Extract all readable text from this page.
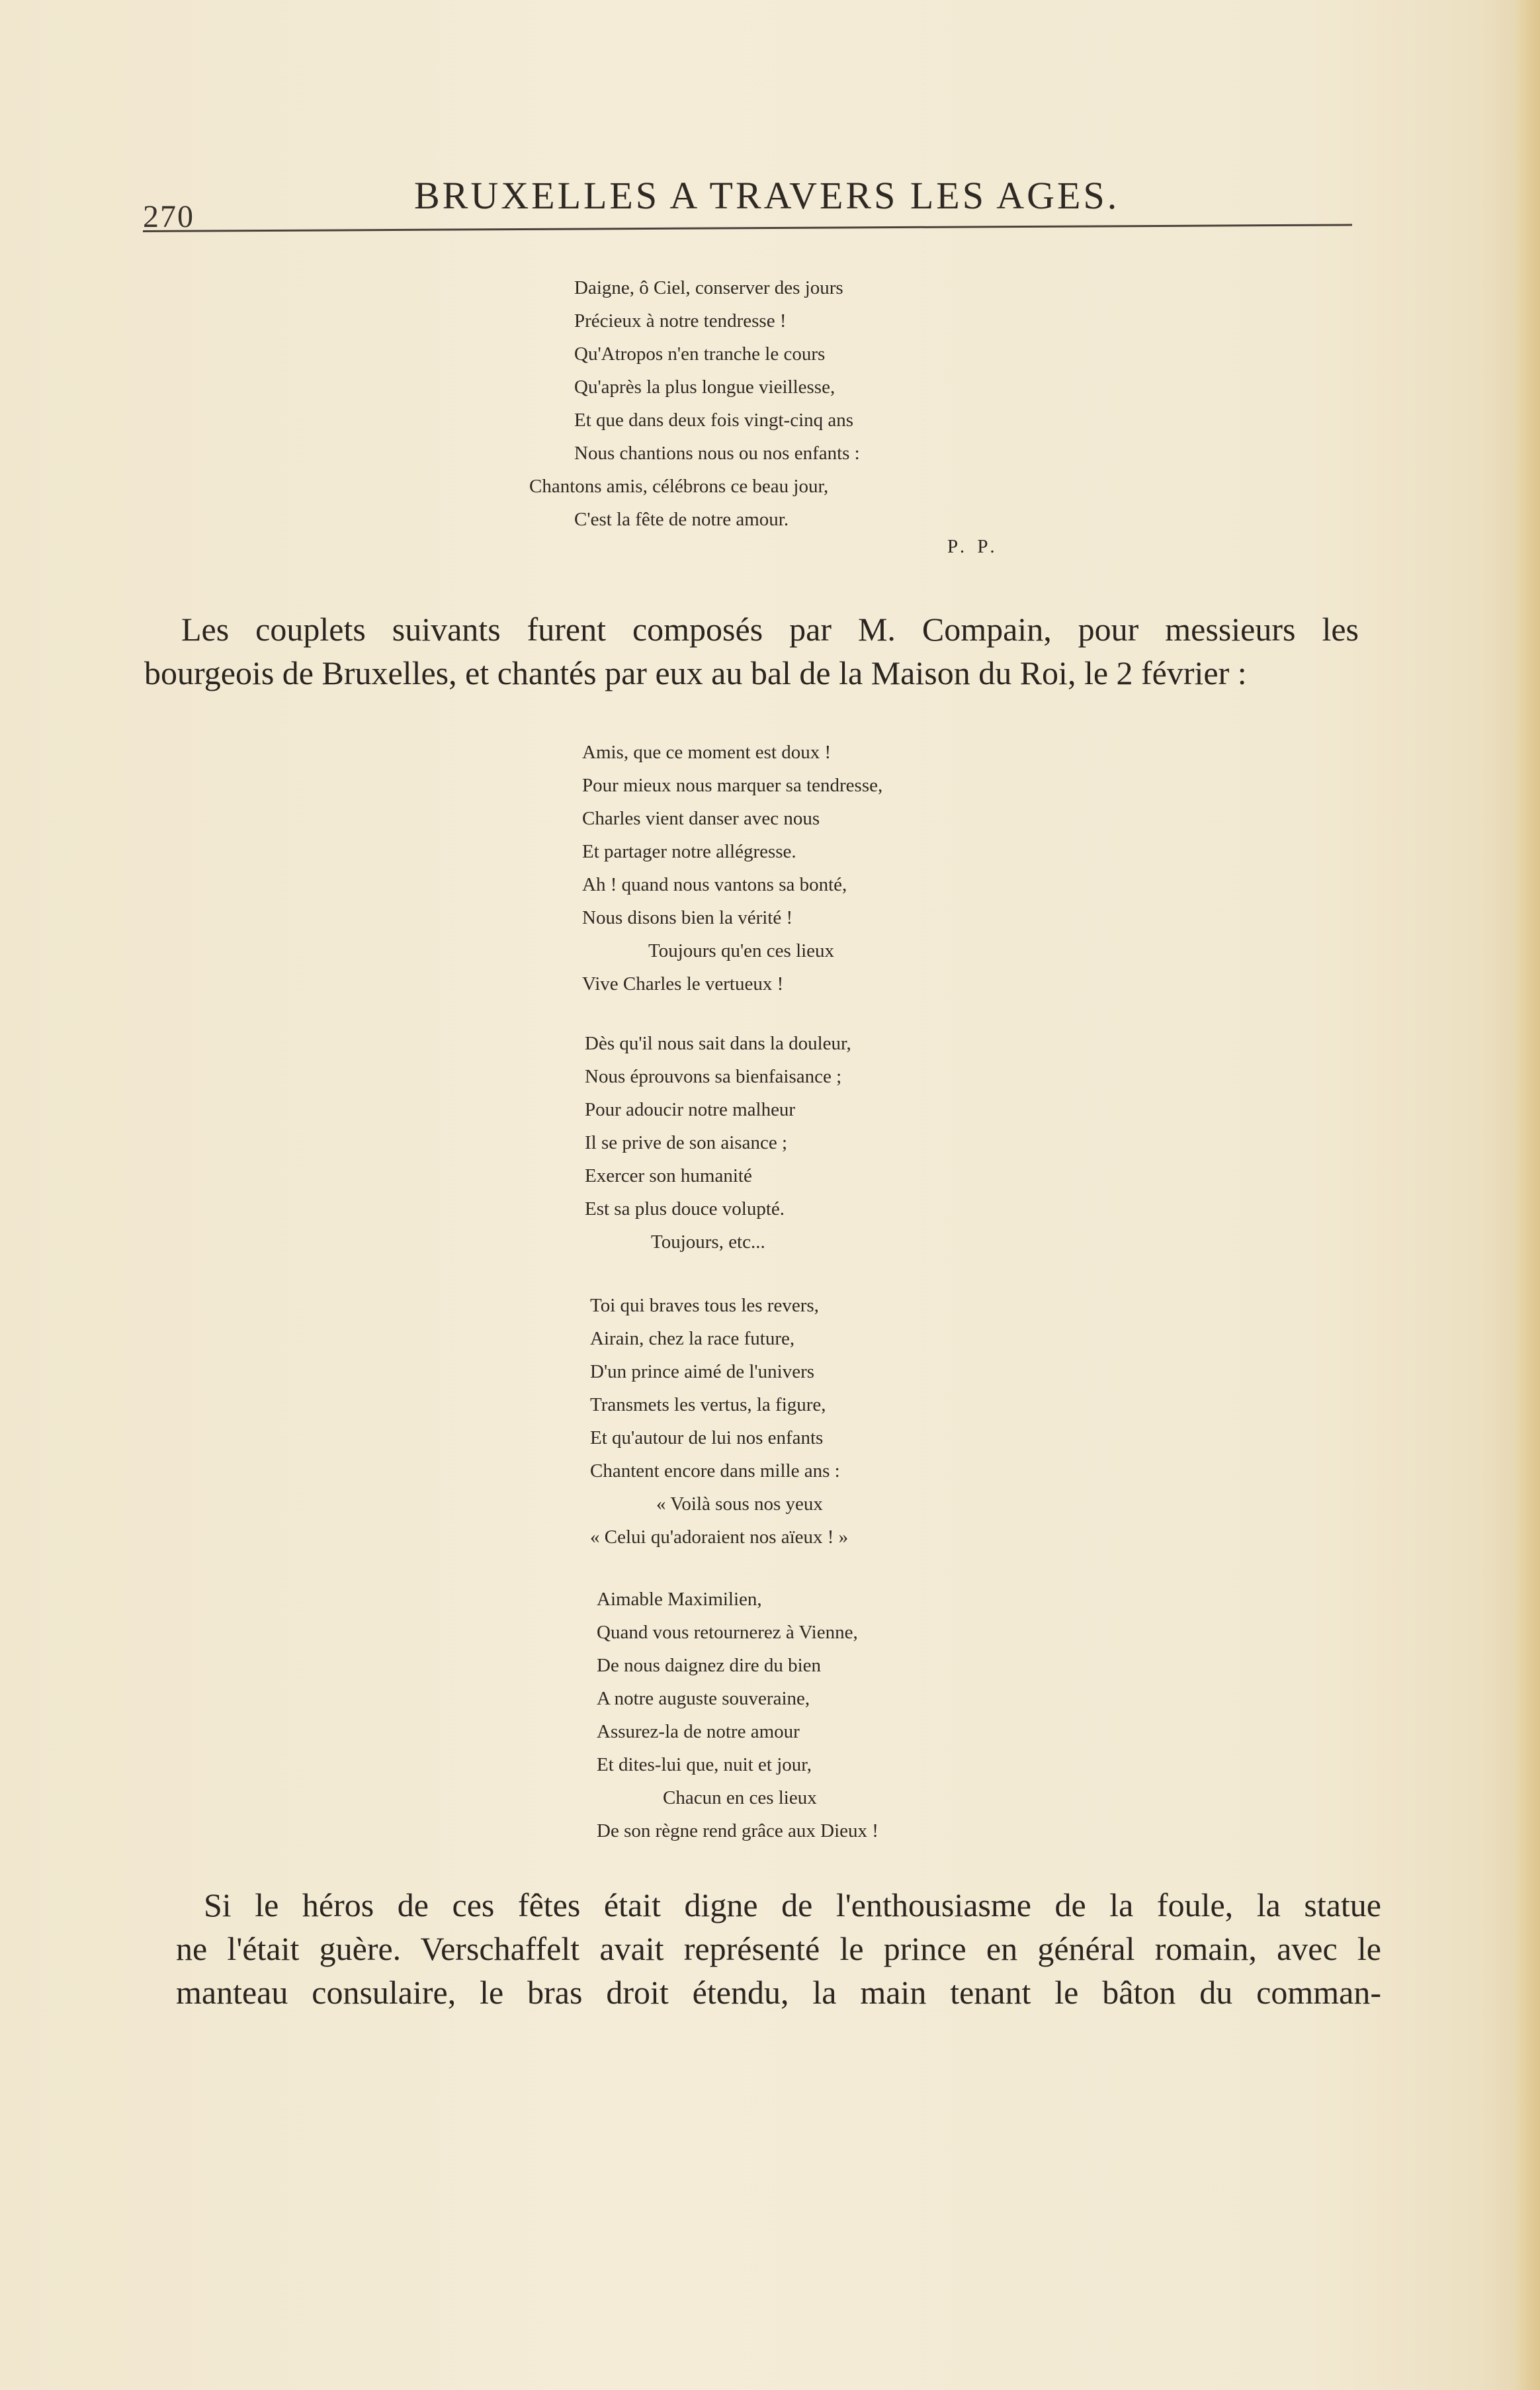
270	BRUXELLES A TRAVERS LES AGES.
Daigne, ô Ciel, conserver des jours
Précieux à notre tendresse !
Qu'Atropos n'en tranche le cours
Qu'après la plus longue vieillesse,
Et que dans deux fois vingt-cinq ans
Nous chantions nous ou nos enfants :
Chantons amis, célébrons ce beau jour,
C'est la fête de notre amour.
P. P.

Les couplets suivants furent composés par M. Compain, pour messieurs les
bourgeois de Bruxelles, et chantés par eux au bal de la Maison du Roi, le 2 février :

Amis, que ce moment est doux !
Pour mieux nous marquer sa tendresse,
Charles vient danser avec nous
Et partager notre allégresse.
Ah ! quand nous vantons sa bonté,
Nous disons bien la vérité !
Toujours qu'en ces lieux
Vive Charles le vertueux !
Dès qu'il nous sait dans la douleur,
Nous éprouvons sa bienfaisance ;
Pour adoucir notre malheur
Il se prive de son aisance ;
Exercer son humanité
Est sa plus douce volupté.
Toujours, etc...
Toi qui braves tous les revers,
Airain, chez la race future,
D'un prince aimé de l'univers
Transmets les vertus, la figure,
Et qu'autour de lui nos enfants
Chantent encore dans mille ans :
« Voilà sous nos yeux
« Celui qu'adoraient nos aïeux ! »
Aimable Maximilien,
Quand vous retournerez à Vienne,
De nous daignez dire du bien
A notre auguste souveraine,
Assurez-la de notre amour
Et dites-lui que, nuit et jour,
Chacun en ces lieux
De son règne rend grâce aux Dieux !

Si le héros de ces fêtes était digne de l'enthousiasme de la foule, la statue
ne l'était guère. Verschaffelt avait représenté le prince en général romain, avec le
manteau consulaire, le bras droit étendu, la main tenant le bâton du comman-
